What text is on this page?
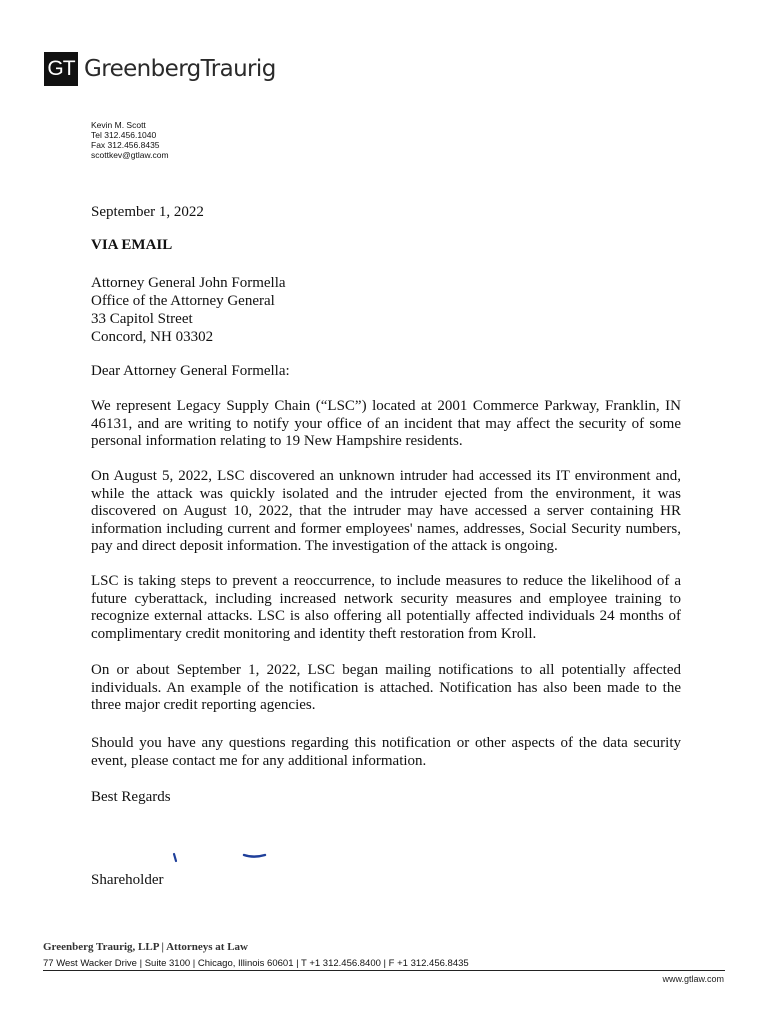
GT GreenbergTraurig
Kevin M. Scott
Tel 312.456.1040
Fax 312.456.8435
scottkev@gtlaw.com
September 1, 2022
VIA EMAIL
Attorney General John Formella
Office of the Attorney General
33 Capitol Street
Concord, NH 03302
Dear Attorney General Formella:

We represent Legacy Supply Chain (“LSC”) located at 2001 Commerce Parkway, Franklin, IN 46131, and are writing to notify your office of an incident that may affect the security of some personal information relating to 19 New Hampshire residents.

On August 5, 2022, LSC discovered an unknown intruder had accessed its IT environment and, while the attack was quickly isolated and the intruder ejected from the environment, it was discovered on August 10, 2022, that the intruder may have accessed a server containing HR information including current and former employees' names, addresses, Social Security numbers, pay and direct deposit information. The investigation of the attack is ongoing.

LSC is taking steps to prevent a reoccurrence, to include measures to reduce the likelihood of a future cyberattack, including increased network security measures and employee training to recognize external attacks. LSC is also offering all potentially affected individuals 24 months of complimentary credit monitoring and identity theft restoration from Kroll.

On or about September 1, 2022, LSC began mailing notifications to all potentially affected individuals. An example of the notification is attached. Notification has also been made to the three major credit reporting agencies.

Should you have any questions regarding this notification or other aspects of the data security event, please contact me for any additional information.

Best Regards
Shareholder
Greenberg Traurig, LLP | Attorneys at Law
77 West Wacker Drive | Suite 3100 | Chicago, Illinois 60601 | T +1 312.456.8400 | F +1 312.456.8435
www.gtlaw.com
